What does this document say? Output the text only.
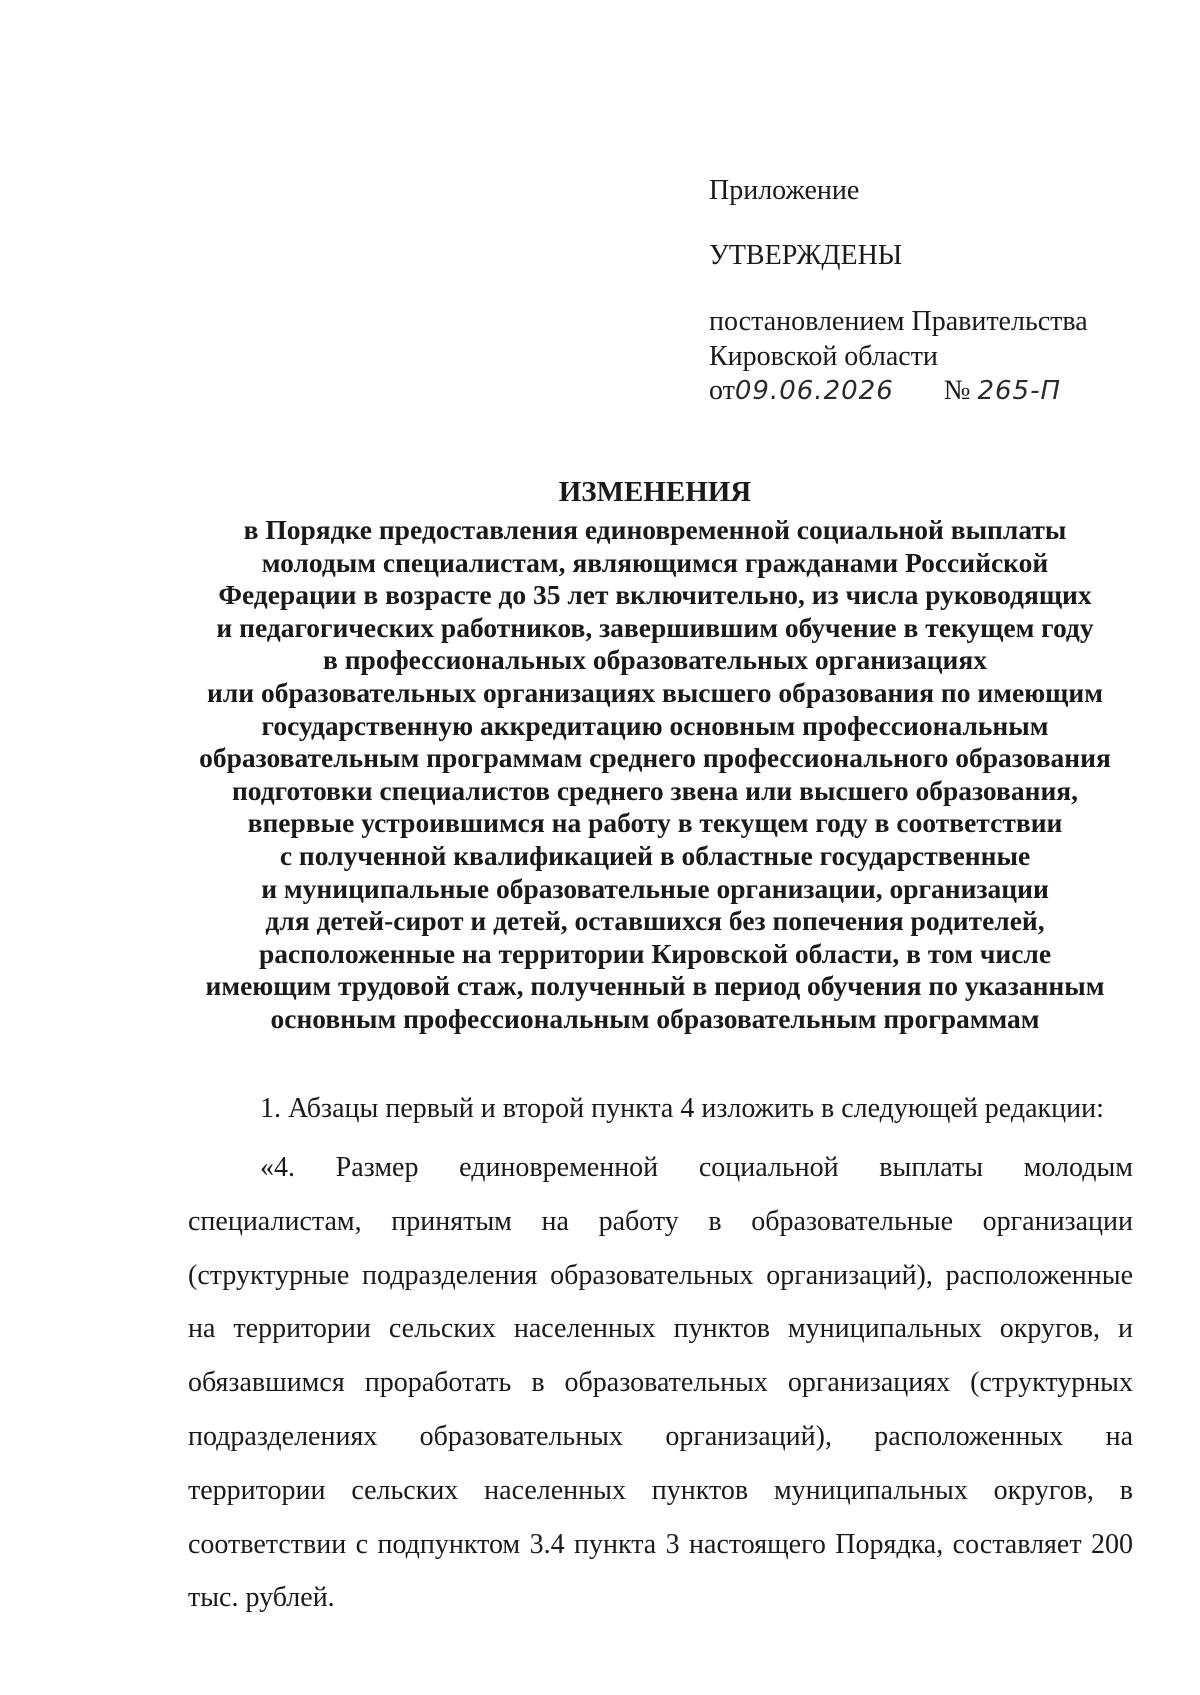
Приложение
УТВЕРЖДЕНЫ
постановлением Правительства
Кировской области
от09.06.2026 № 265-П
ИЗМЕНЕНИЯ
в Порядке предоставления единовременной социальной выплаты
молодым специалистам, являющимся гражданами Российской
Федерации в возрасте до 35 лет включительно, из числа руководящих
и педагогических работников, завершившим обучение в текущем году
в профессиональных образовательных организациях
или образовательных организациях высшего образования по имеющим
государственную аккредитацию основным профессиональным
образовательным программам среднего профессионального образования
подготовки специалистов среднего звена или высшего образования,
впервые устроившимся на работу в текущем году в соответствии
с полученной квалификацией в областные государственные
и муниципальные образовательные организации, организации
для детей-сирот и детей, оставшихся без попечения родителей,
расположенные на территории Кировской области, в том числе
имеющим трудовой стаж, полученный в период обучения по указанным
основным профессиональным образовательным программам
1. Абзацы первый и второй пункта 4 изложить в следующей редакции:
«4. Размер единовременной социальной выплаты молодым специалистам, принятым на работу в образовательные организации (структурные подразделения образовательных организаций), расположенные на территории сельских населенных пунктов муниципальных округов, и обязавшимся проработать в образовательных организациях (структурных подразделениях образовательных организаций), расположенных на территории сельских населенных пунктов муниципальных округов, в соответствии с подпунктом 3.4 пункта 3 настоящего Порядка, составляет 200 тыс. рублей.
